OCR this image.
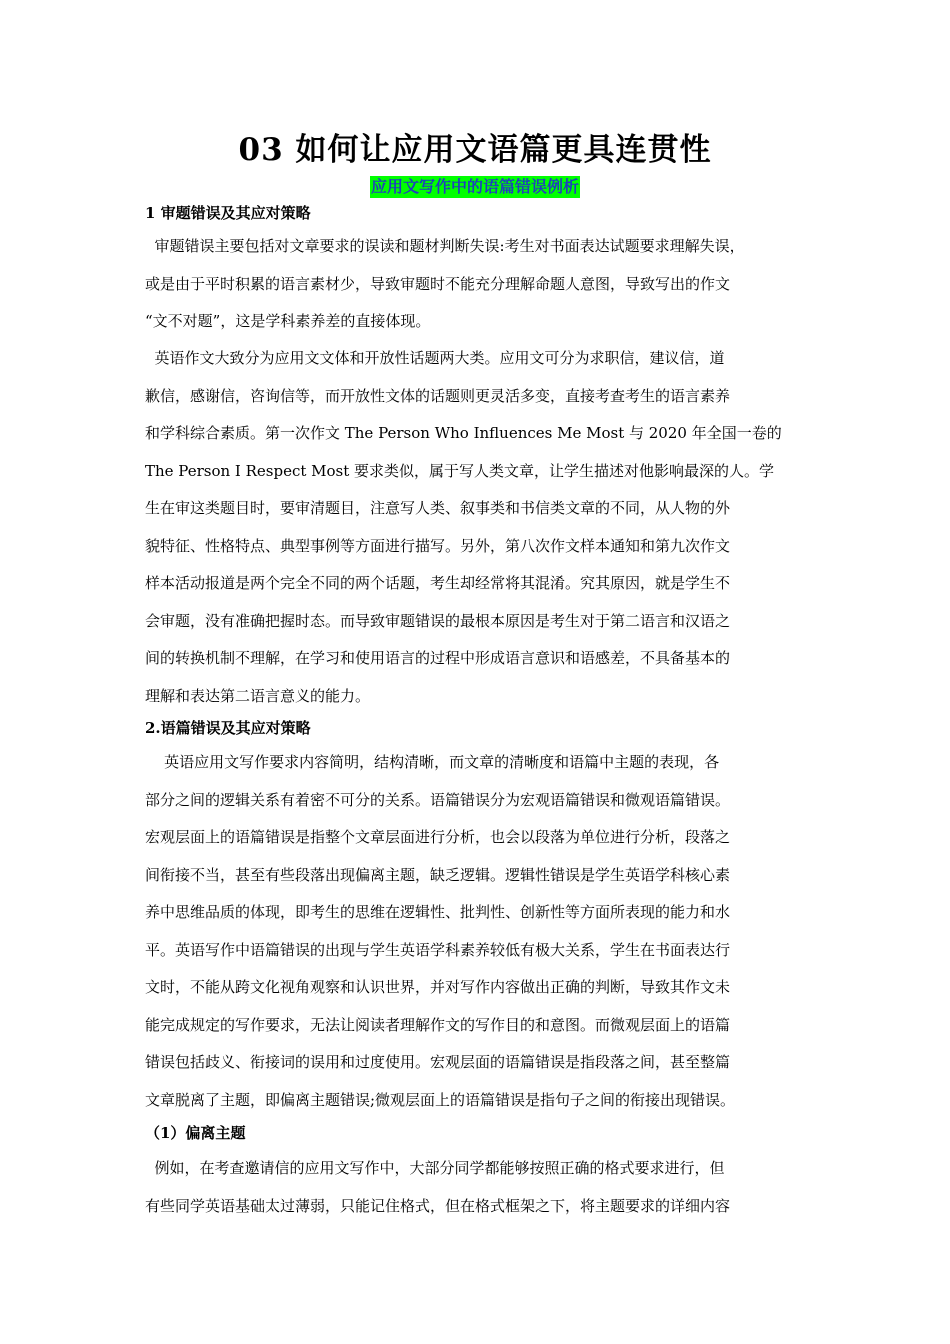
03 如何让应用文语篇更具连贯性
应用文写作中的语篇错误例析
1 审题错误及其应对策略
审题错误主要包括对文章要求的误读和题材判断失误:考生对书面表达试题要求理解失误，
或是由于平时积累的语言素材少，导致审题时不能充分理解命题人意图，导致写出的作文
“文不对题”，这是学科素养差的直接体现。
英语作文大致分为应用文文体和开放性话题两大类。应用文可分为求职信，建议信，道
歉信，感谢信，咨询信等，而开放性文体的话题则更灵活多变，直接考查考生的语言素养
和学科综合素质。第一次作文 The Person Who Influences Me Most 与 2020 年全国一卷的
The Person I Respect Most 要求类似，属于写人类文章，让学生描述对他影响最深的人。学
生在审这类题目时，要审清题目，注意写人类、叙事类和书信类文章的不同，从人物的外
貌特征、性格特点、典型事例等方面进行描写。另外，第八次作文样本通知和第九次作文
样本活动报道是两个完全不同的两个话题，考生却经常将其混淆。究其原因，就是学生不
会审题，没有准确把握时态。而导致审题错误的最根本原因是考生对于第二语言和汉语之
间的转换机制不理解，在学习和使用语言的过程中形成语言意识和语感差，不具备基本的
理解和表达第二语言意义的能力。
2.语篇错误及其应对策略
英语应用文写作要求内容简明，结构清晰，而文章的清晰度和语篇中主题的表现，各
部分之间的逻辑关系有着密不可分的关系。语篇错误分为宏观语篇错误和微观语篇错误。
宏观层面上的语篇错误是指整个文章层面进行分析，也会以段落为单位进行分析，段落之
间衔接不当，甚至有些段落出现偏离主题，缺乏逻辑。逻辑性错误是学生英语学科核心素
养中思维品质的体现，即考生的思维在逻辑性、批判性、创新性等方面所表现的能力和水
平。英语写作中语篇错误的出现与学生英语学科素养较低有极大关系，学生在书面表达行
文时，不能从跨文化视角观察和认识世界，并对写作内容做出正确的判断，导致其作文未
能完成规定的写作要求，无法让阅读者理解作文的写作目的和意图。而微观层面上的语篇
错误包括歧义、衔接词的误用和过度使用。宏观层面的语篇错误是指段落之间，甚至整篇
文章脱离了主题，即偏离主题错误;微观层面上的语篇错误是指句子之间的衔接出现错误。
（1）偏离主题
例如，在考查邀请信的应用文写作中，大部分同学都能够按照正确的格式要求进行，但
有些同学英语基础太过薄弱，只能记住格式，但在格式框架之下，将主题要求的详细内容
